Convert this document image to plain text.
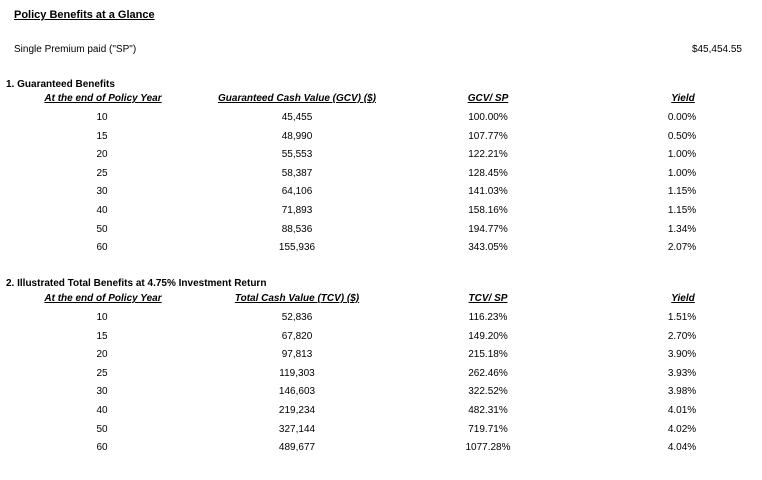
Policy Benefits at a Glance
Single Premium paid ("SP")	$45,454.55
1. Guaranteed Benefits
At the end of Policy Year	Guaranteed Cash Value (GCV) ($)	GCV/ SP	Yield
10	45,455	100.00%	0.00%
15	48,990	107.77%	0.50%
20	55,553	122.21%	1.00%
25	58,387	128.45%	1.00%
30	64,106	141.03%	1.15%
40	71,893	158.16%	1.15%
50	88,536	194.77%	1.34%
60	155,936	343.05%	2.07%
2. Illustrated Total Benefits at 4.75% Investment Return
At the end of Policy Year	Total Cash Value (TCV) ($)	TCV/ SP	Yield
10	52,836	116.23%	1.51%
15	67,820	149.20%	2.70%
20	97,813	215.18%	3.90%
25	119,303	262.46%	3.93%
30	146,603	322.52%	3.98%
40	219,234	482.31%	4.01%
50	327,144	719.71%	4.02%
60	489,677	1077.28%	4.04%
